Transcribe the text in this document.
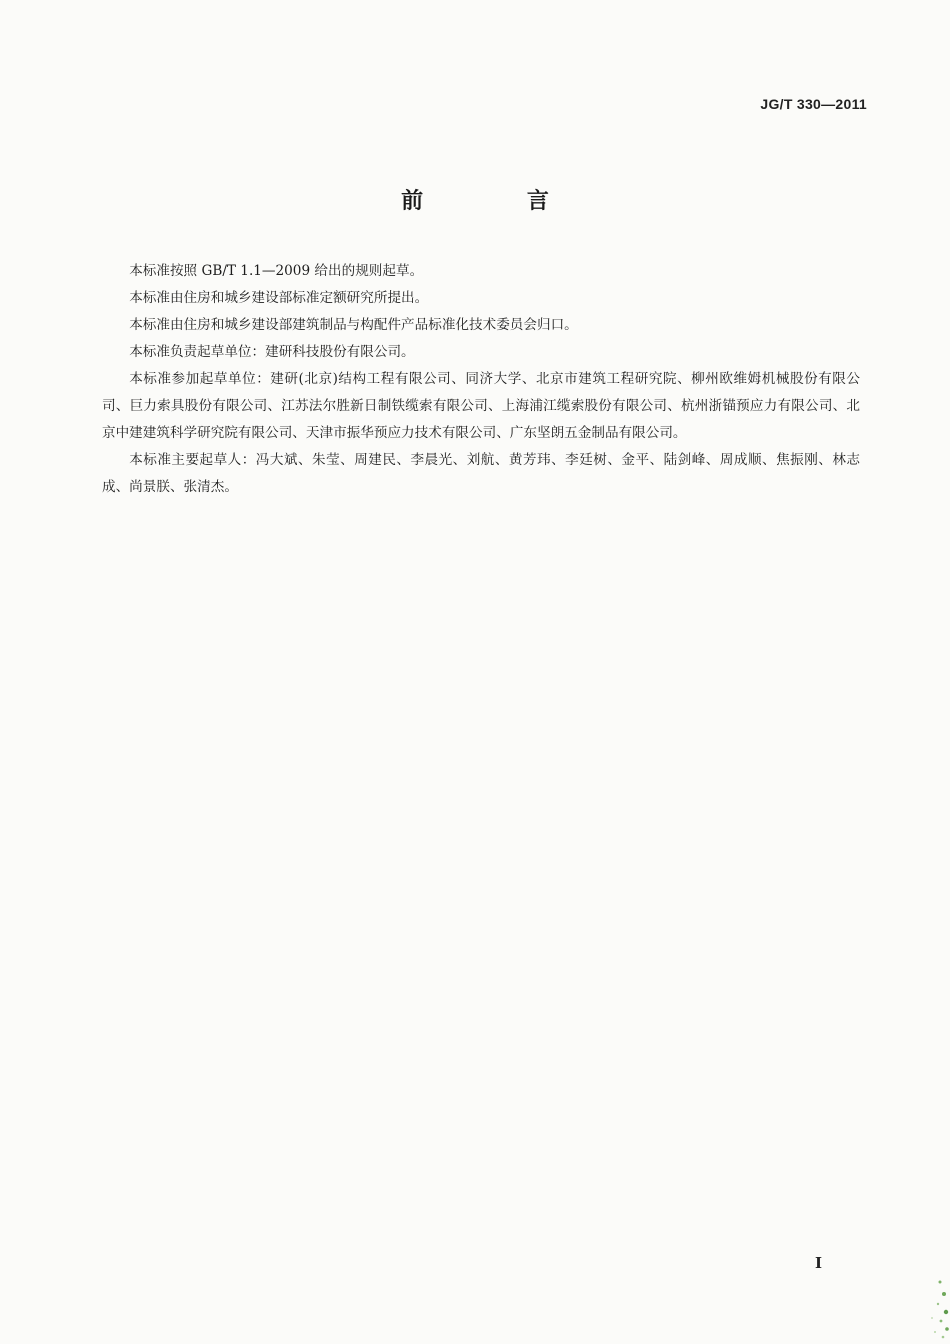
JG/T 330—2011
前 言

本标准按照 GB/T 1.1—2009 给出的规则起草。

本标准由住房和城乡建设部标准定额研究所提出。

本标准由住房和城乡建设部建筑制品与构配件产品标准化技术委员会归口。

本标准负责起草单位：建研科技股份有限公司。

本标准参加起草单位：建研(北京)结构工程有限公司、同济大学、北京市建筑工程研究院、柳州欧维姆机械股份有限公司、巨力索具股份有限公司、江苏法尔胜新日制铁缆索有限公司、上海浦江缆索股份有限公司、杭州浙锚预应力有限公司、北京中建建筑科学研究院有限公司、天津市振华预应力技术有限公司、广东坚朗五金制品有限公司。

本标准主要起草人：冯大斌、朱莹、周建民、李晨光、刘航、黄芳玮、李廷树、金平、陆剑峰、周成顺、焦振刚、林志成、尚景朕、张清杰。

I
